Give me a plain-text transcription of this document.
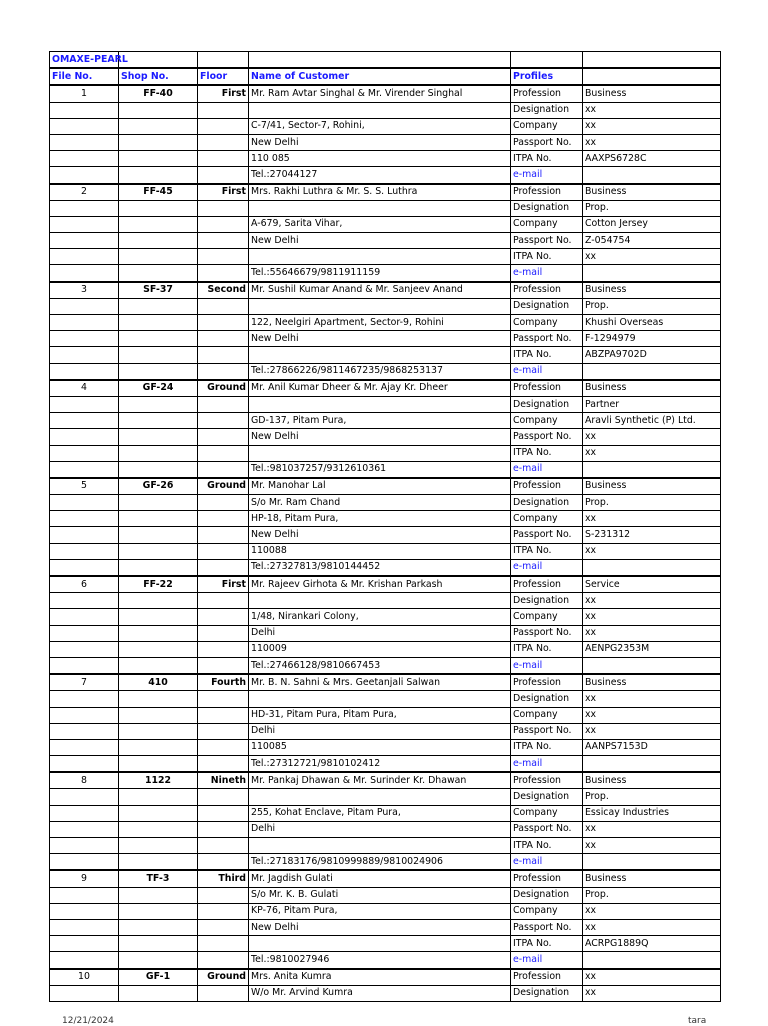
OMAXE-PEARL					
File No.	Shop No.	Floor	Name of Customer	Profiles	
1	FF-40	First	Mr. Ram Avtar Singhal & Mr. Virender Singhal	Profession	Business
				Designation	xx
			C-7/41, Sector-7, Rohini,	Company	xx
			New Delhi	Passport No.	xx
			110 085	ITPA No.	AAXPS6728C
			Tel.:27044127	e-mail	
2	FF-45	First	Mrs. Rakhi Luthra & Mr. S. S. Luthra	Profession	Business
				Designation	Prop.
			A-679, Sarita Vihar,	Company	Cotton Jersey
			New Delhi	Passport No.	Z-054754
				ITPA No.	xx
			Tel.:55646679/9811911159	e-mail	
3	SF-37	Second	Mr. Sushil Kumar Anand & Mr. Sanjeev Anand	Profession	Business
				Designation	Prop.
			122, Neelgiri Apartment, Sector-9, Rohini	Company	Khushi Overseas
			New Delhi	Passport No.	F-1294979
				ITPA No.	ABZPA9702D
			Tel.:27866226/9811467235/9868253137	e-mail	
4	GF-24	Ground	Mr. Anil Kumar Dheer & Mr. Ajay Kr. Dheer	Profession	Business
				Designation	Partner
			GD-137, Pitam Pura,	Company	Aravli Synthetic (P) Ltd.
			New Delhi	Passport No.	xx
				ITPA No.	xx
			Tel.:981037257/9312610361	e-mail	
5	GF-26	Ground	Mr. Manohar Lal	Profession	Business
			S/o Mr. Ram Chand	Designation	Prop.
			HP-18, Pitam Pura,	Company	xx
			New Delhi	Passport No.	S-231312
			110088	ITPA No.	xx
			Tel.:27327813/9810144452	e-mail	
6	FF-22	First	Mr. Rajeev Girhota & Mr. Krishan Parkash	Profession	Service
				Designation	xx
			1/48, Nirankari Colony,	Company	xx
			Delhi	Passport No.	xx
			110009	ITPA No.	AENPG2353M
			Tel.:27466128/9810667453	e-mail	
7	410	Fourth	Mr. B. N. Sahni & Mrs. Geetanjali Salwan	Profession	Business
				Designation	xx
			HD-31, Pitam Pura, Pitam Pura,	Company	xx
			Delhi	Passport No.	xx
			110085	ITPA No.	AANPS7153D
			Tel.:27312721/9810102412	e-mail	
8	1122	Nineth	Mr. Pankaj Dhawan & Mr. Surinder Kr. Dhawan	Profession	Business
				Designation	Prop.
			255, Kohat Enclave, Pitam Pura,	Company	Essicay Industries
			Delhi	Passport No.	xx
				ITPA No.	xx
			Tel.:27183176/9810999889/9810024906	e-mail	
9	TF-3	Third	Mr. Jagdish Gulati	Profession	Business
			S/o Mr. K. B. Gulati	Designation	Prop.
			KP-76, Pitam Pura,	Company	xx
			New Delhi	Passport No.	xx
				ITPA No.	ACRPG1889Q
			Tel.:9810027946	e-mail	
10	GF-1	Ground	Mrs. Anita Kumra	Profession	xx
			W/o Mr. Arvind Kumra	Designation	xx
12/21/2024	tara
